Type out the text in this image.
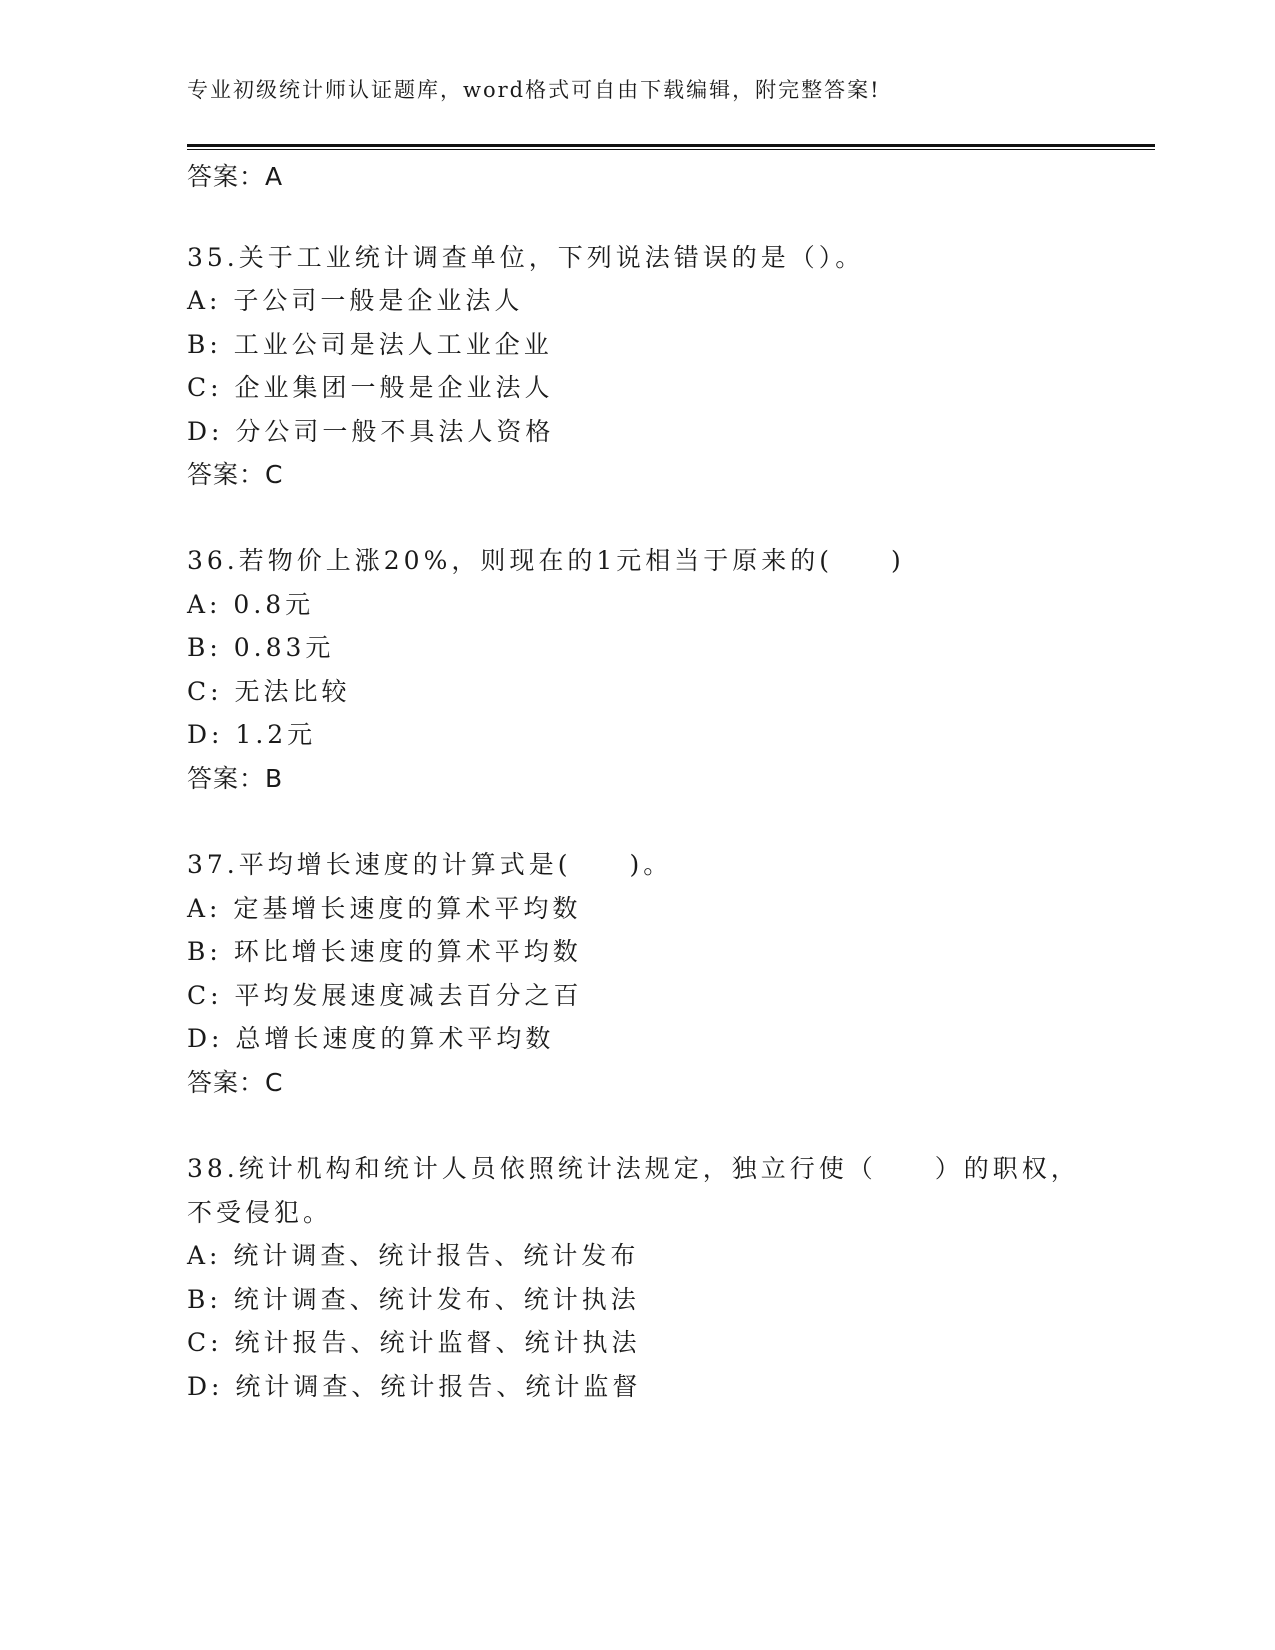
专业初级统计师认证题库，word格式可自由下载编辑，附完整答案!
答案：A
35.关于工业统计调查单位，下列说法错误的是（）。
A: 子公司一般是企业法人
B: 工业公司是法人工业企业
C: 企业集团一般是企业法人
D: 分公司一般不具法人资格
答案：C
36.若物价上涨20%，则现在的1元相当于原来的(　　)
A: 0.8元
B: 0.83元
C: 无法比较
D: 1.2元
答案：B
37.平均增长速度的计算式是(　　)。
A: 定基增长速度的算术平均数
B: 环比增长速度的算术平均数
C: 平均发展速度减去百分之百
D: 总增长速度的算术平均数
答案：C
38.统计机构和统计人员依照统计法规定，独立行使（　　）的职权，
不受侵犯。
A: 统计调查、统计报告、统计发布
B: 统计调查、统计发布、统计执法
C: 统计报告、统计监督、统计执法
D: 统计调查、统计报告、统计监督
